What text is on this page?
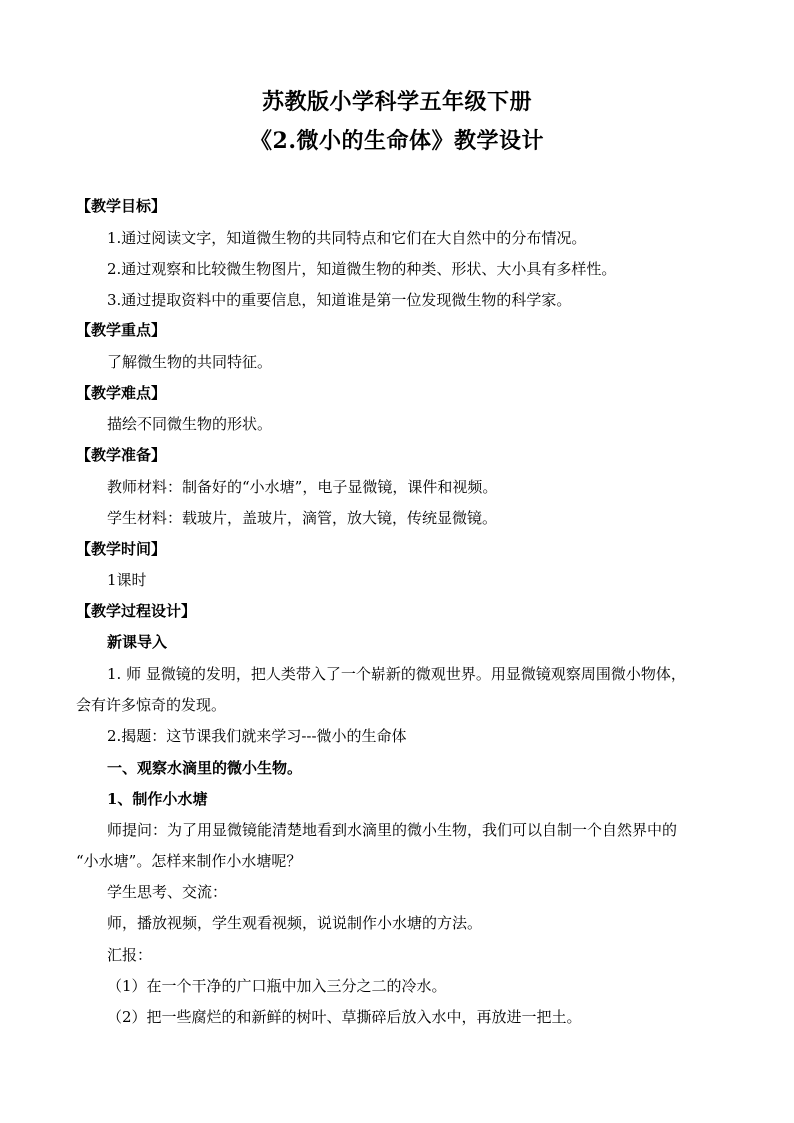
苏教版小学科学五年级下册
《2.微小的生命体》教学设计
【教学目标】
1.通过阅读文字，知道微生物的共同特点和它们在大自然中的分布情况。
2.通过观察和比较微生物图片，知道微生物的种类、形状、大小具有多样性。
3.通过提取资料中的重要信息，知道谁是第一位发现微生物的科学家。
【教学重点】
了解微生物的共同特征。
【教学难点】
描绘不同微生物的形状。
【教学准备】
教师材料：制备好的“小水塘”，电子显微镜，课件和视频。
学生材料：载玻片，盖玻片，滴管，放大镜，传统显微镜。
【教学时间】
1课时
【教学过程设计】
新课导入
1. 师 显微镜的发明，把人类带入了一个崭新的微观世界。用显微镜观察周围微小物体，
会有许多惊奇的发现。
2.揭题：这节课我们就来学习---微小的生命体
一、观察水滴里的微小生物。
1、制作小水塘
师提问：为了用显微镜能清楚地看到水滴里的微小生物，我们可以自制一个自然界中的
“小水塘”。怎样来制作小水塘呢？
学生思考、交流：
师，播放视频，学生观看视频，说说制作小水塘的方法。
汇报：
（1）在一个干净的广口瓶中加入三分之二的冷水。
（2）把一些腐烂的和新鲜的树叶、草撕碎后放入水中，再放进一把土。
